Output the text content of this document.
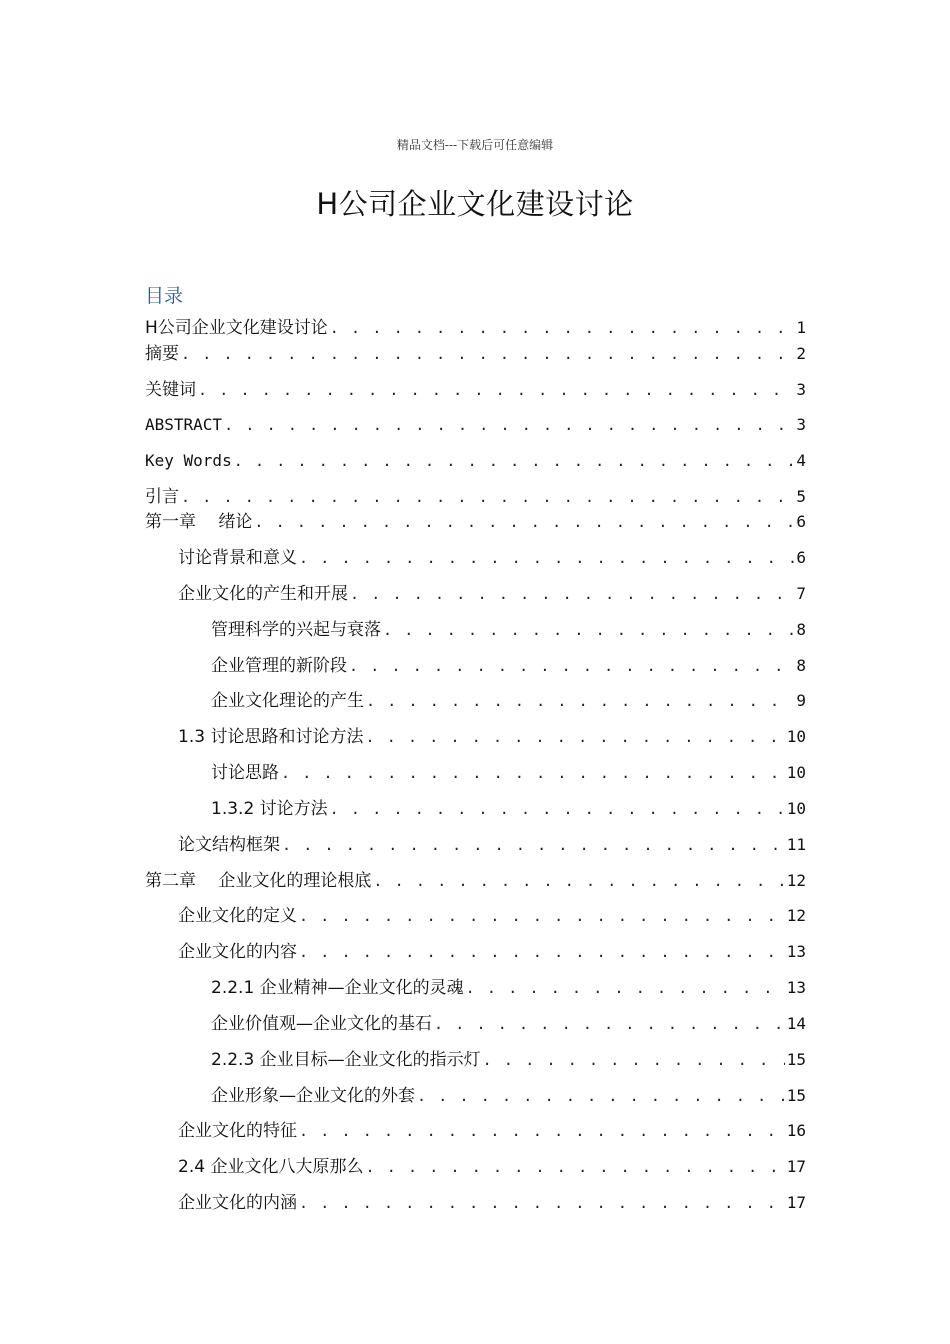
精品文档---下载后可任意编辑
H公司企业文化建设讨论
目录
H公司企业文化建设讨论 . . .	1
摘要 . . .	2
关键词 . . .	3
ABSTRACT . . .	3
Key Words . . .	4
引言 . . .	5
第一章　 绪论 . . .	6
讨论背景和意义 . . .	6
企业文化的产生和开展 . . .	7
管理科学的兴起与衰落 . . .	8
企业管理的新阶段 . . .	8
企业文化理论的产生 . . .	9
1.3 讨论思路和讨论方法 . . .	10
讨论思路 . . .	10
1.3.2 讨论方法 . . .	10
论文结构框架 . . .	11
第二章　 企业文化的理论根底 . . .	12
企业文化的定义 . . .	12
企业文化的内容 . . .	13
2.2.1 企业精神—企业文化的灵魂 . . .	13
企业价值观—企业文化的基石 . . .	14
2.2.3 企业目标—企业文化的指示灯 . . .	15
企业形象—企业文化的外套 . . .	15
企业文化的特征 . . .	16
2.4 企业文化八大原那么 . . .	17
企业文化的内涵 . . .	17
